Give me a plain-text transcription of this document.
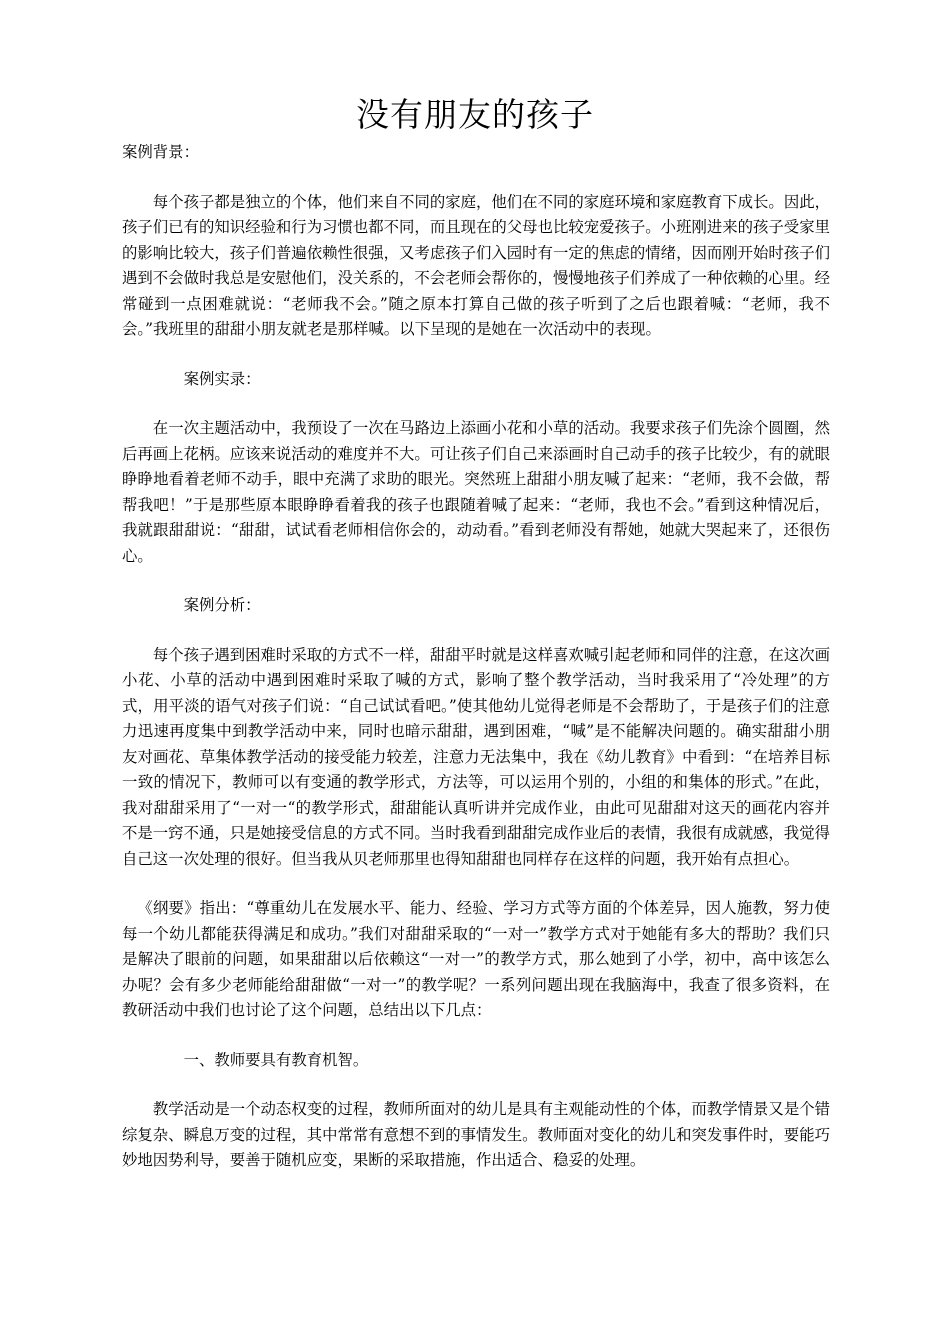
没有朋友的孩子

案例背景：

每个孩子都是独立的个体，他们来自不同的家庭，他们在不同的家庭环境和家庭教育下成长。因此，孩子们已有的知识经验和行为习惯也都不同，而且现在的父母也比较宠爱孩子。小班刚进来的孩子受家里的影响比较大，孩子们普遍依赖性很强，又考虑孩子们入园时有一定的焦虑的情绪，因而刚开始时孩子们遇到不会做时我总是安慰他们，没关系的，不会老师会帮你的，慢慢地孩子们养成了一种依赖的心里。经常碰到一点困难就说：“老师我不会。”随之原本打算自己做的孩子听到了之后也跟着喊：“老师，我不会。”我班里的甜甜小朋友就老是那样喊。以下呈现的是她在一次活动中的表现。

案例实录：

在一次主题活动中，我预设了一次在马路边上添画小花和小草的活动。我要求孩子们先涂个圆圈，然后再画上花柄。应该来说活动的难度并不大。可让孩子们自己来添画时自己动手的孩子比较少，有的就眼睁睁地看着老师不动手，眼中充满了求助的眼光。突然班上甜甜小朋友喊了起来：“老师，我不会做，帮帮我吧！”于是那些原本眼睁睁看着我的孩子也跟随着喊了起来：“老师，我也不会。”看到这种情况后，我就跟甜甜说：“甜甜，试试看老师相信你会的，动动看。”看到老师没有帮她，她就大哭起来了，还很伤心。

案例分析：

每个孩子遇到困难时采取的方式不一样，甜甜平时就是这样喜欢喊引起老师和同伴的注意，在这次画小花、小草的活动中遇到困难时采取了喊的方式，影响了整个教学活动，当时我采用了“冷处理”的方式，用平淡的语气对孩子们说：“自己试试看吧。”使其他幼儿觉得老师是不会帮助了，于是孩子们的注意力迅速再度集中到教学活动中来，同时也暗示甜甜，遇到困难，“喊”是不能解决问题的。确实甜甜小朋友对画花、草集体教学活动的接受能力较差，注意力无法集中，我在《幼儿教育》中看到：“在培养目标一致的情况下，教师可以有变通的教学形式，方法等，可以运用个别的，小组的和集体的形式。”在此，我对甜甜采用了“一对一“的教学形式，甜甜能认真听讲并完成作业，由此可见甜甜对这天的画花内容并不是一窍不通，只是她接受信息的方式不同。当时我看到甜甜完成作业后的表情，我很有成就感，我觉得自己这一次处理的很好。但当我从贝老师那里也得知甜甜也同样存在这样的问题，我开始有点担心。

《纲要》指出：“尊重幼儿在发展水平、能力、经验、学习方式等方面的个体差异，因人施教，努力使每一个幼儿都能获得满足和成功。”我们对甜甜采取的“一对一”教学方式对于她能有多大的帮助？我们只是解决了眼前的问题，如果甜甜以后依赖这“一对一”的教学方式，那么她到了小学，初中，高中该怎么办呢？会有多少老师能给甜甜做“一对一”的教学呢？一系列问题出现在我脑海中，我查了很多资料，在教研活动中我们也讨论了这个问题，总结出以下几点：

一、教师要具有教育机智。

教学活动是一个动态权变的过程，教师所面对的幼儿是具有主观能动性的个体，而教学情景又是个错综复杂、瞬息万变的过程，其中常常有意想不到的事情发生。教师面对变化的幼儿和突发事件时，要能巧妙地因势利导，要善于随机应变，果断的采取措施，作出适合、稳妥的处理。
